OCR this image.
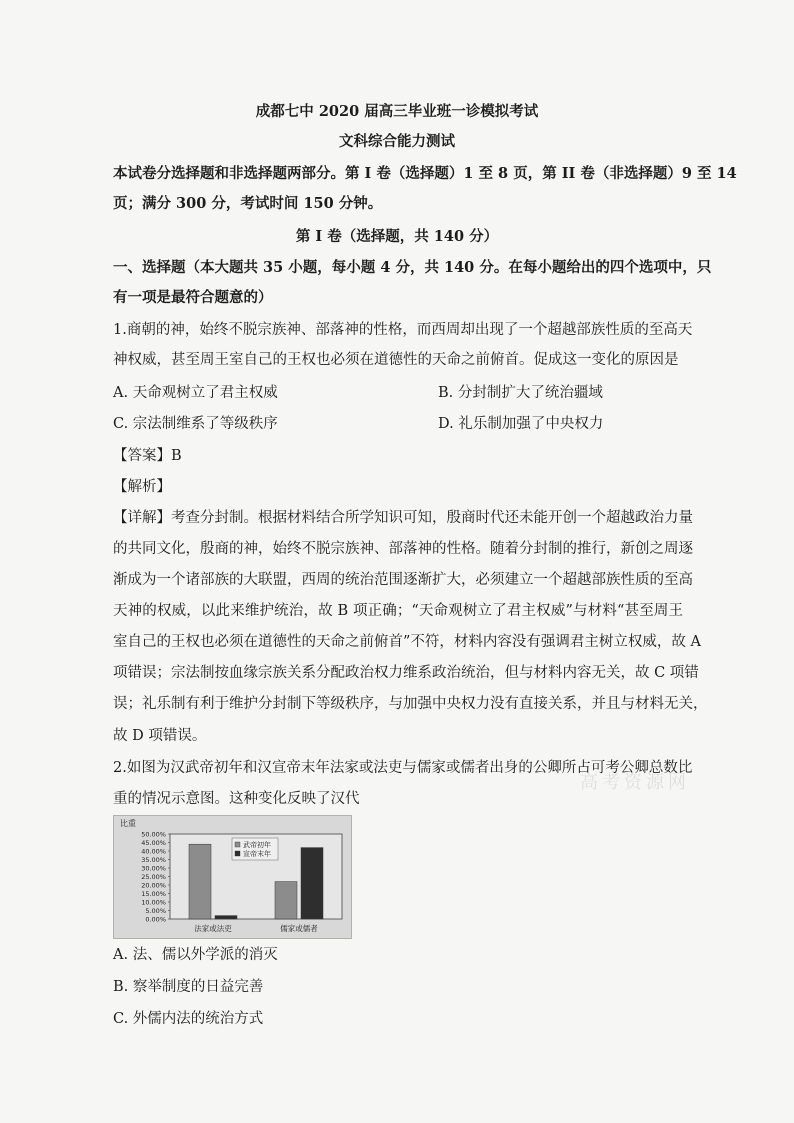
成都七中 2020 届高三毕业班一诊模拟考试
文科综合能力测试
本试卷分选择题和非选择题两部分。第 I 卷（选择题）1 至 8 页，第 II 卷（非选择题）9 至 14
页；满分 300 分，考试时间 150 分钟。
第 I 卷（选择题，共 140 分）
一、选择题（本大题共 35 小题，每小题 4 分，共 140 分。在每小题给出的四个选项中，只
有一项是最符合题意的）
1.商朝的神，始终不脱宗族神、部落神的性格，而西周却出现了一个超越部族性质的至高天
神权威，甚至周王室自己的王权也必须在道德性的天命之前俯首。促成这一变化的原因是
A. 天命观树立了君主权威	B. 分封制扩大了统治疆域
C. 宗法制维系了等级秩序	D. 礼乐制加强了中央权力
【答案】B
【解析】
【详解】考查分封制。根据材料结合所学知识可知，殷商时代还未能开创一个超越政治力量
的共同文化，殷商的神，始终不脱宗族神、部落神的性格。随着分封制的推行，新创之周逐
渐成为一个诸部族的大联盟，西周的统治范围逐渐扩大，必须建立一个超越部族性质的至高
天神的权威，以此来维护统治，故 B 项正确；“天命观树立了君主权威”与材料“甚至周王
室自己的王权也必须在道德性的天命之前俯首”不符，材料内容没有强调君主树立权威，故 A
项错误；宗法制按血缘宗族关系分配政治权力维系政治统治，但与材料内容无关，故 C 项错
误；礼乐制有利于维护分封制下等级秩序，与加强中央权力没有直接关系，并且与材料无关，
故 D 项错误。
2.如图为汉武帝初年和汉宣帝末年法家或法吏与儒家或儒者出身的公卿所占可考公卿总数比
重的情况示意图。这种变化反映了汉代
高考资源网
比重
50.00%
45.00%
40.00%
35.00%
30.00%
25.00%
20.00%
15.00%
10.00%
5.00%
0.00%
法家或法吏	儒家或儒者
武帝初年
宣帝末年
A. 法、儒以外学派的消灭
B. 察举制度的日益完善
C. 外儒内法的统治方式
